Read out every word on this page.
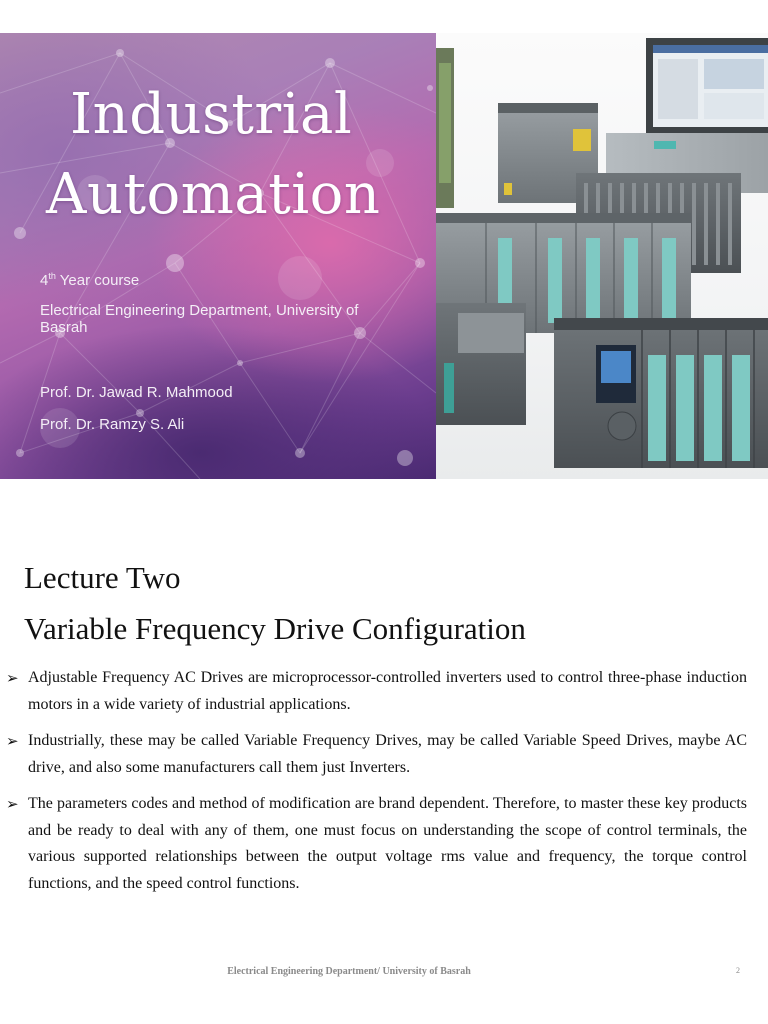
Industrial
Automation
4th Year course
Electrical Engineering Department, University of Basrah
Prof. Dr. Jawad R. Mahmood
Prof. Dr. Ramzy S. Ali
Lecture Two
Variable Frequency Drive Configuration
➢ Adjustable Frequency AC Drives are microprocessor-controlled inverters used to control three-phase induction motors in a wide variety of industrial applications.
➢ Industrially, these may be called Variable Frequency Drives, may be called Variable Speed Drives, maybe AC drive, and also some manufacturers call them just Inverters.
➢ The parameters codes and method of modification are brand dependent. Therefore, to master these key products and be ready to deal with any of them, one must focus on understanding the scope of control terminals, the various supported relationships between the output voltage rms value and frequency, the torque control functions, and the speed control functions.
Electrical Engineering Department/ University of Basrah	2
